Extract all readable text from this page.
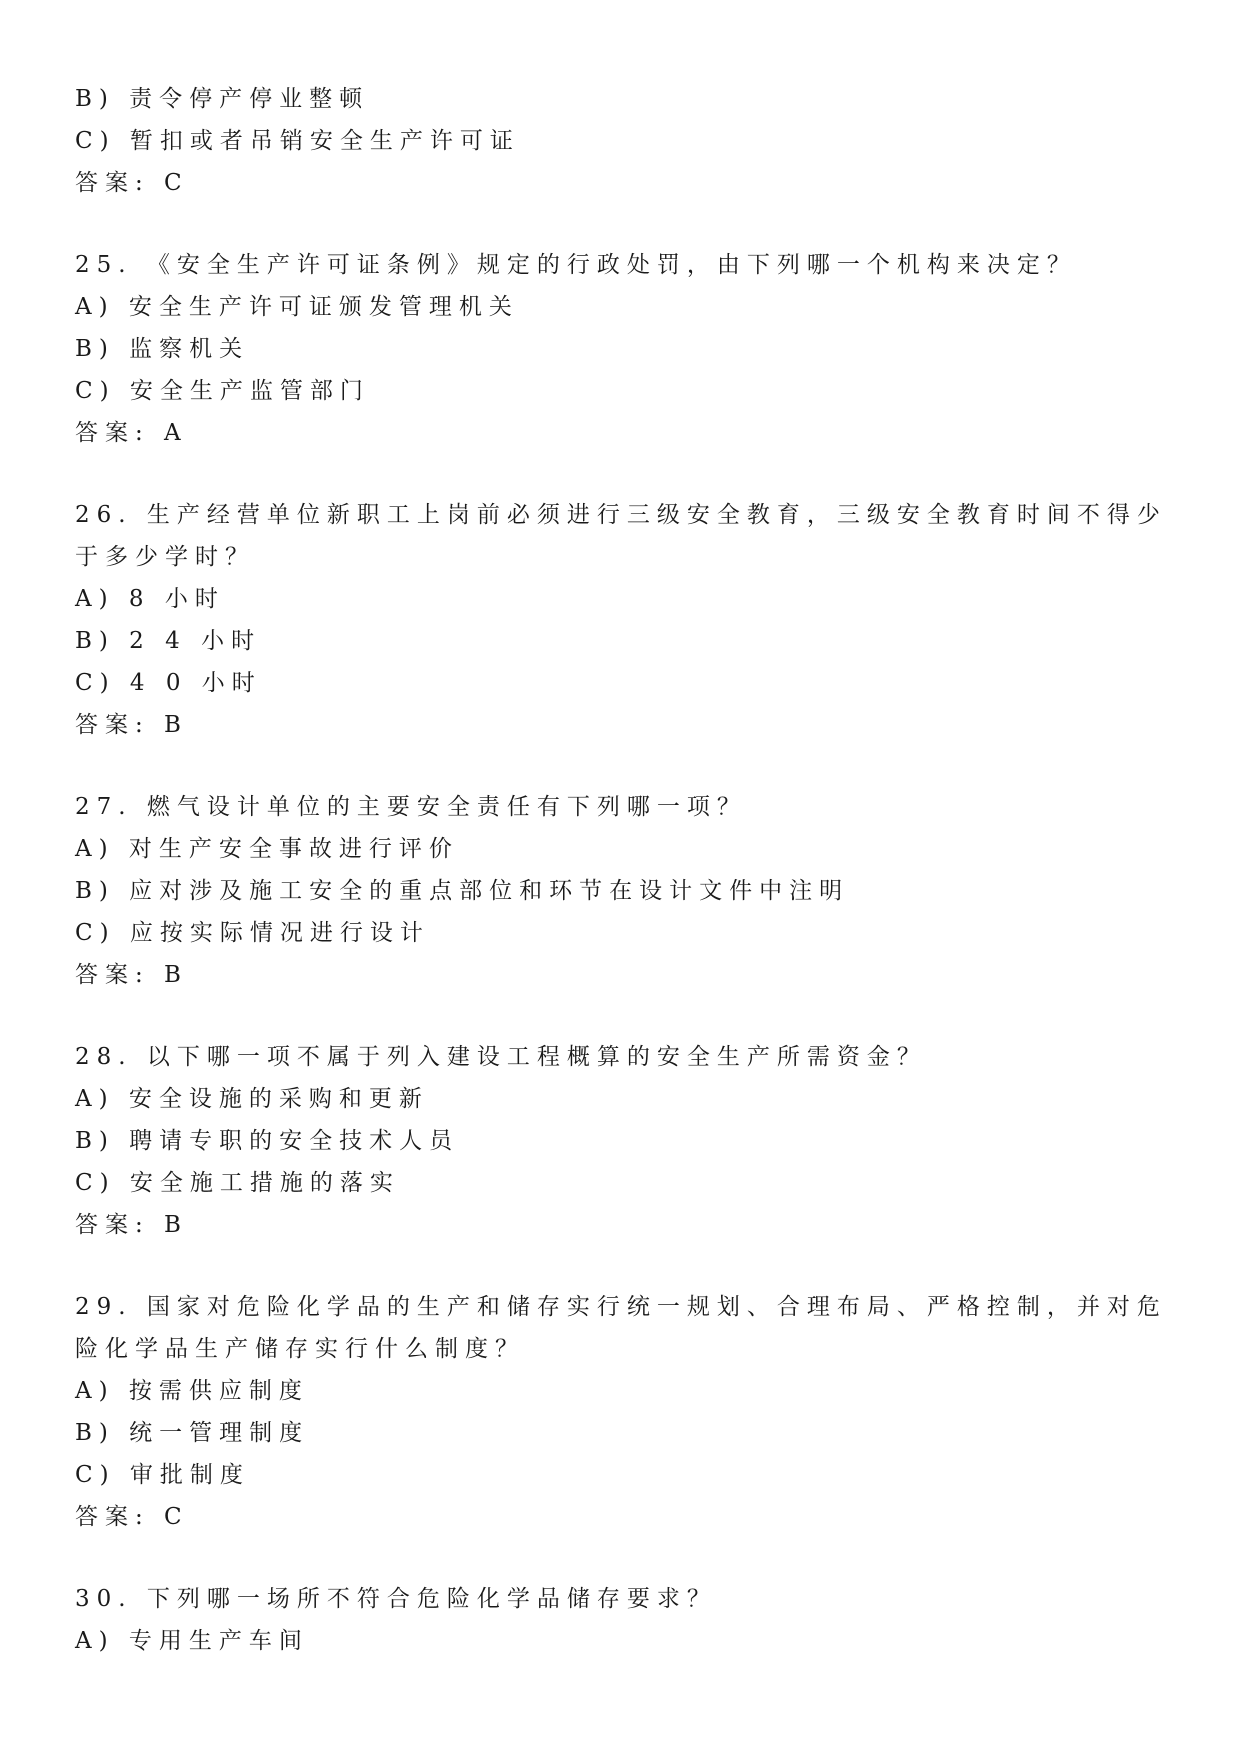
B) 责令停产停业整顿
C) 暂扣或者吊销安全生产许可证
答案: C
25. 《安全生产许可证条例》规定的行政处罚，由下列哪一个机构来决定？
A) 安全生产许可证颁发管理机关
B) 监察机关
C) 安全生产监管部门
答案: A
26. 生产经营单位新职工上岗前必须进行三级安全教育，三级安全教育时间不得少于多少学时？
A) 8 小时
B) 2 4 小时
C) 4 0 小时
答案: B
27. 燃气设计单位的主要安全责任有下列哪一项？
A) 对生产安全事故进行评价
B) 应对涉及施工安全的重点部位和环节在设计文件中注明
C) 应按实际情况进行设计
答案: B
28. 以下哪一项不属于列入建设工程概算的安全生产所需资金？
A) 安全设施的采购和更新
B) 聘请专职的安全技术人员
C) 安全施工措施的落实
答案: B
29. 国家对危险化学品的生产和储存实行统一规划、合理布局、严格控制，并对危险化学品生产储存实行什么制度？
A) 按需供应制度
B) 统一管理制度
C) 审批制度
答案: C
30. 下列哪一场所不符合危险化学品储存要求？
A) 专用生产车间
